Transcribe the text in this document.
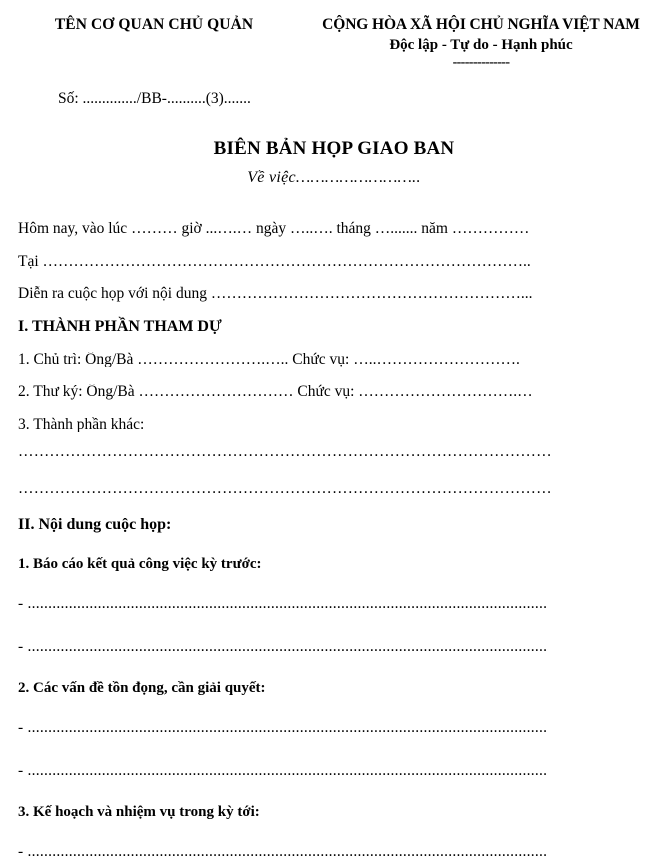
TÊN CƠ QUAN CHỦ QUẢN	CỘNG HÒA XÃ HỘI CHỦ NGHĨA VIỆT NAM
Độc lập - Tự do - Hạnh phúc
--------------
Số: ............../BB-..........(3).......
BIÊN BẢN HỌP GIAO BAN
Về việc……………………..
Hôm nay, vào lúc ……… giờ ...….… ngày …..…. tháng …....... năm ……………
Tại …………………………………………………………………………………..
Diễn ra cuộc họp với nội dung ……………………………………………………...
I. THÀNH PHẦN THAM DỰ
1. Chủ trì: Ông/Bà …………………….….. Chức vụ: …..……………………….
2. Thư ký: Ông/Bà ………………………… Chức vụ: ………………………….…
3. Thành phần khác:
…………………………………………………………………………………………
…………………………………………………………………………………………
II. Nội dung cuộc họp:
1. Báo cáo kết quả công việc kỳ trước:
- ..............................................................................................................................
- ..............................................................................................................................
2. Các vấn đề tồn đọng, cần giải quyết:
- ..............................................................................................................................
- ..............................................................................................................................
3. Kế hoạch và nhiệm vụ trong kỳ tới:
- ..............................................................................................................................
